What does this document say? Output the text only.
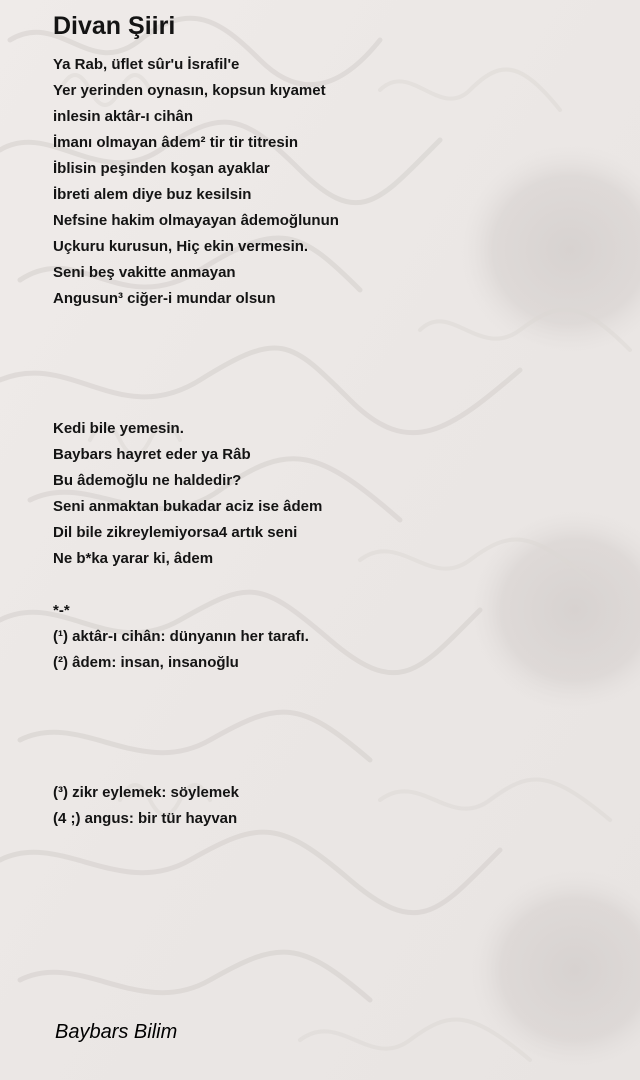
Divan Şiiri
Ya Rab, üflet sûr'u İsrafil'e
Yer yerinden oynasın, kopsun kıyamet
inlesin aktâr-ı cihân
İmanı olmayan âdem² tir tir titresin
İblisin peşinden koşan ayaklar
İbreti alem diye buz kesilsin
Nefsine hakim olmayayan âdemoğlunun
Uçkuru kurusun, Hiç ekin vermesin.
Seni beş vakitte anmayan
Angusun³ ciğer-i mundar olsun
Kedi bile yemesin.
Baybars hayret eder ya Râb
Bu âdemoğlu ne haldedir?
Seni anmaktan bukadar aciz ise âdem
Dil bile zikreylemiyorsa4 artık seni
Ne b*ka yarar ki, âdem
*-*
(¹) aktâr-ı cihân: dünyanın her tarafı.
(²) âdem: insan, insanoğlu
(³) zikr eylemek: söylemek
(4 ;) angus: bir tür hayvan
Baybars Bilim
